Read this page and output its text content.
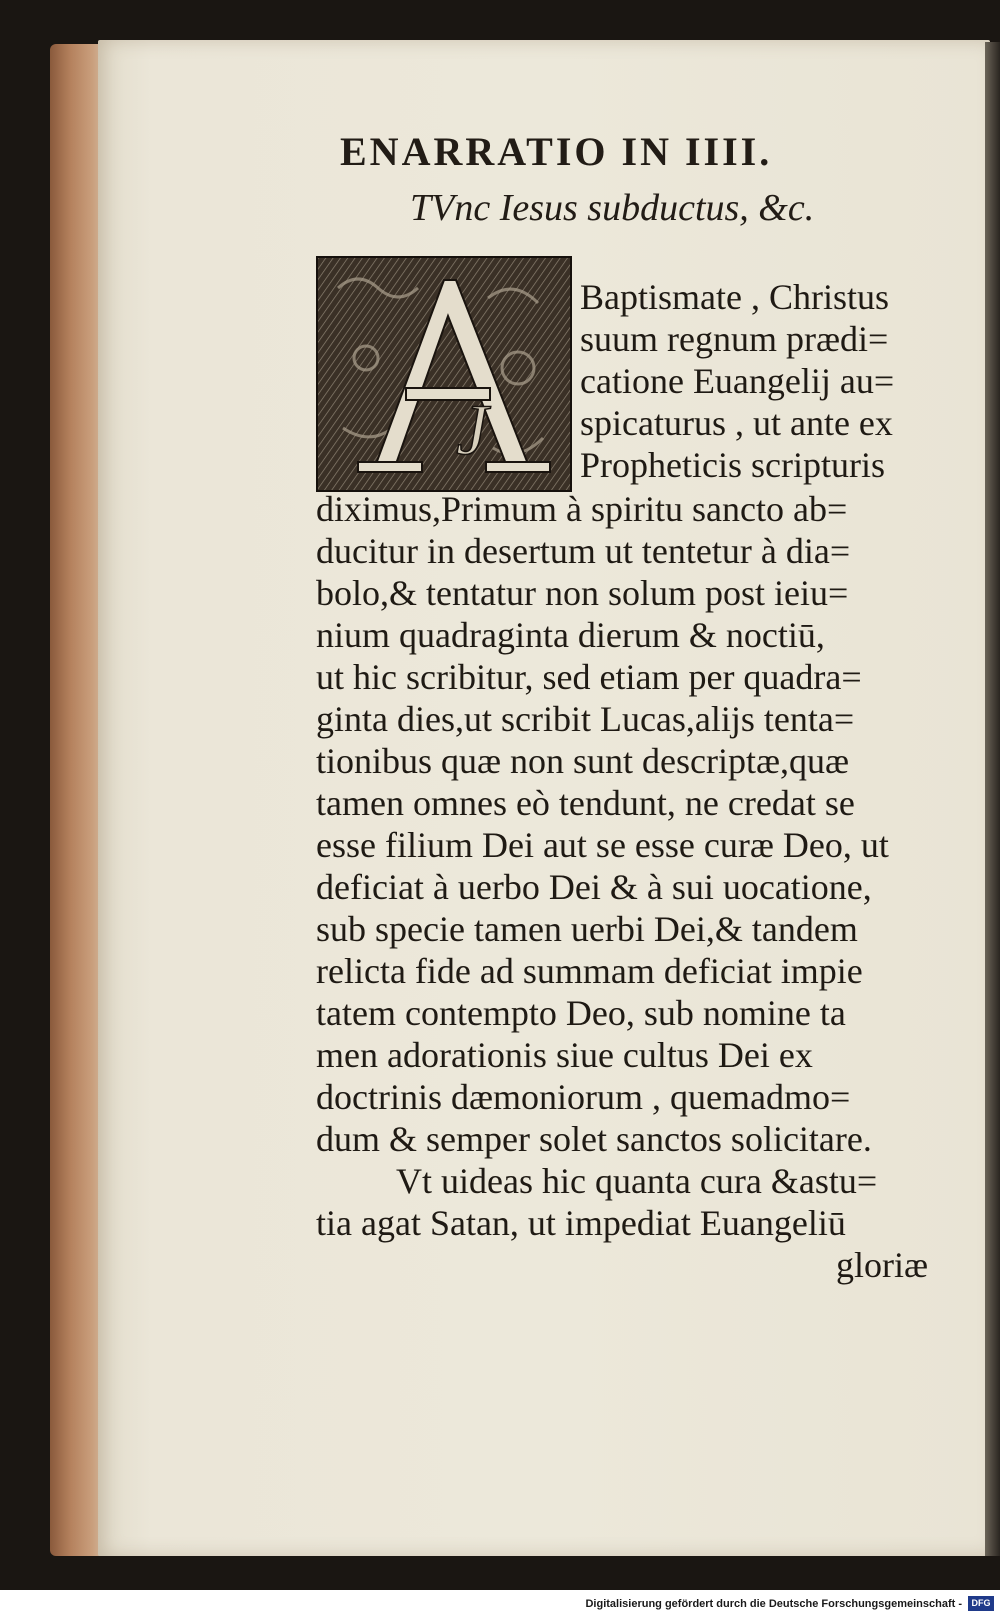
ENARRATIO IN IIII.
TVnc Iesus subductus, &c.
J
Baptismate , Christus
suum regnum prædi=
catione Euangelij au=
spicaturus , ut ante ex
Propheticis scripturis
diximus,Primum à spiritu sancto ab=
ducitur in desertum ut tentetur à dia=
bolo,& tentatur non solum post ieiu=
nium quadraginta dierum & noctiū,
ut hic scribitur, sed etiam per quadra=
ginta dies,ut scribit Lucas,alijs tenta=
tionibus quæ non sunt descriptæ,quæ
tamen omnes eò tendunt, ne credat se
esse filium Dei aut se esse curæ Deo, ut
deficiat à uerbo Dei & à sui uocatione,
sub specie tamen uerbi Dei,& tandem
relicta fide ad summam deficiat impie
tatem contempto Deo, sub nomine ta
men adorationis siue cultus Dei ex
doctrinis dæmoniorum , quemadmo=
dum & semper solet sanctos solicitare.
Vt uideas hic quanta cura &astu=
tia agat Satan, ut impediat Euangeliū
gloriæ
Digitalisierung gefördert durch die Deutsche Forschungsgemeinschaft -	DFG
